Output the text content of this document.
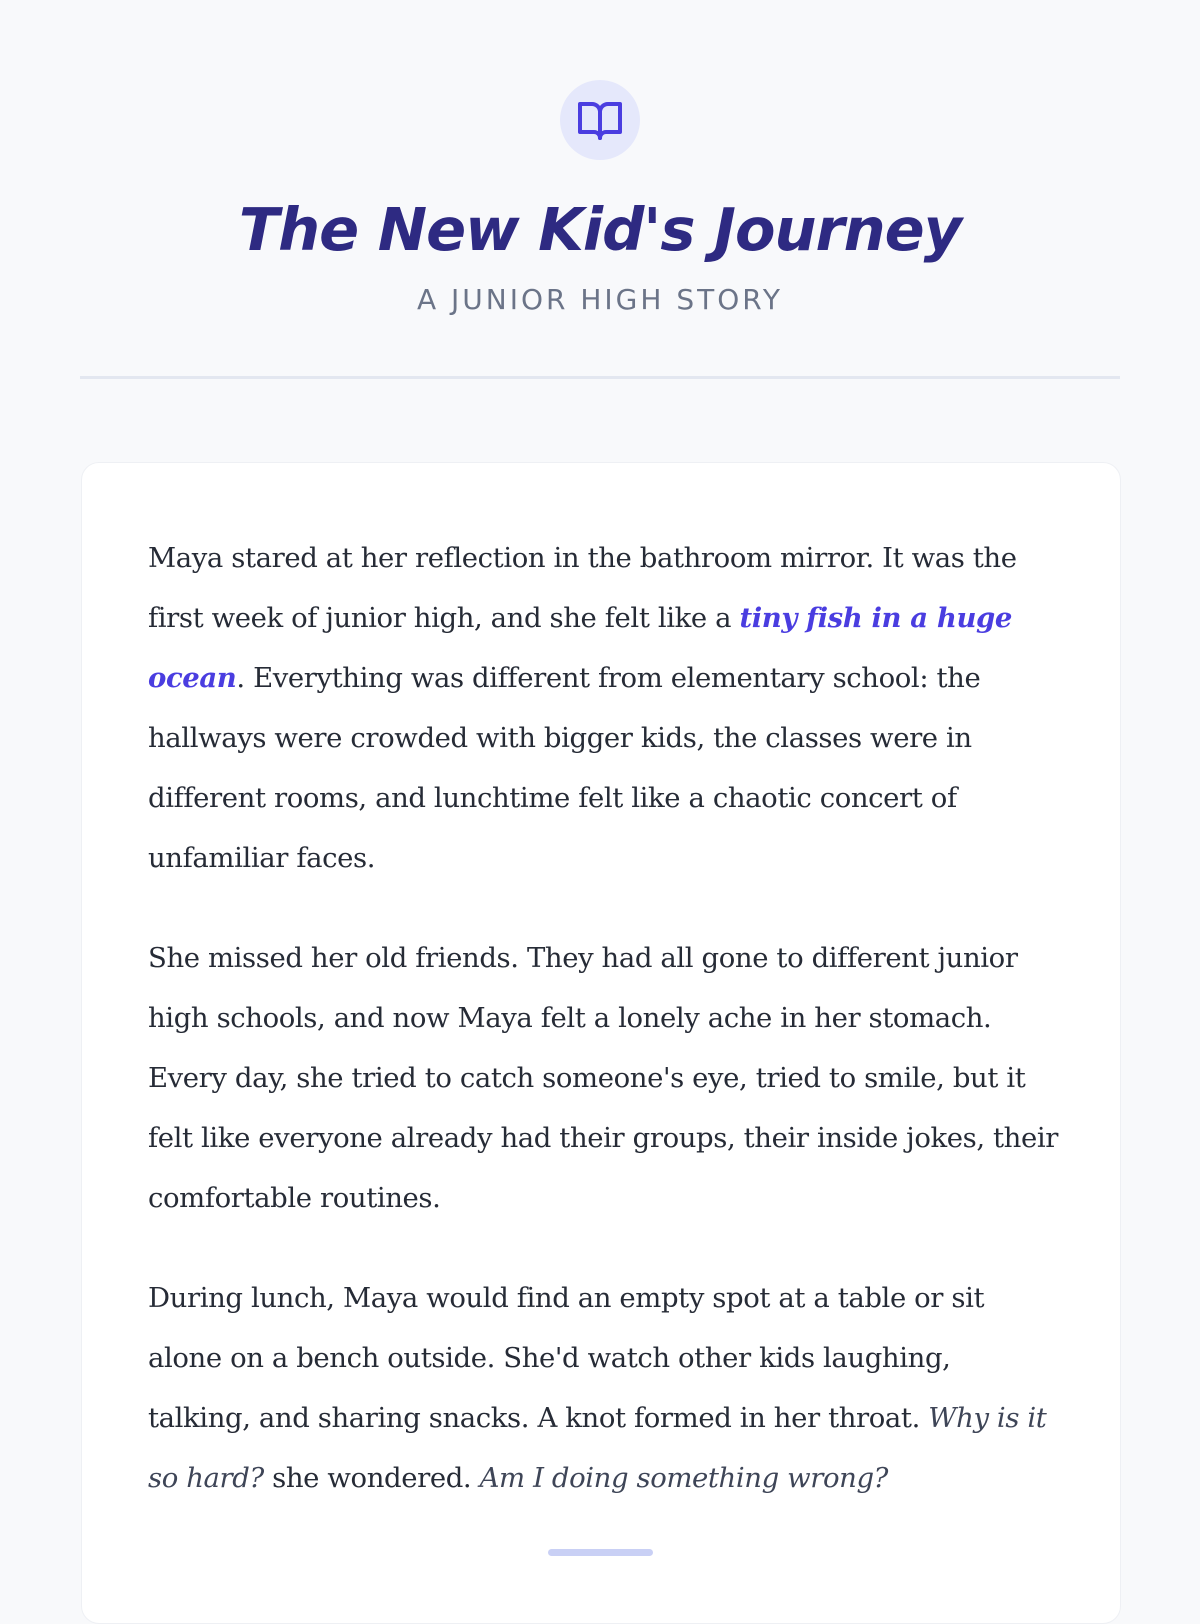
The New Kid's Journey
A JUNIOR HIGH STORY

Maya stared at her reflection in the bathroom mirror. It was the first week of junior high, and she felt like a tiny fish in a huge ocean. Everything was different from elementary school: the hallways were crowded with bigger kids, the classes were in different rooms, and lunchtime felt like a chaotic concert of unfamiliar faces.

She missed her old friends. They had all gone to different junior high schools, and now Maya felt a lonely ache in her stomach. Every day, she tried to catch someone's eye, tried to smile, but it felt like everyone already had their groups, their inside jokes, their comfortable routines.

During lunch, Maya would find an empty spot at a table or sit alone on a bench outside. She'd watch other kids laughing, talking, and sharing snacks. A knot formed in her throat. Why is it so hard? she wondered. Am I doing something wrong?
